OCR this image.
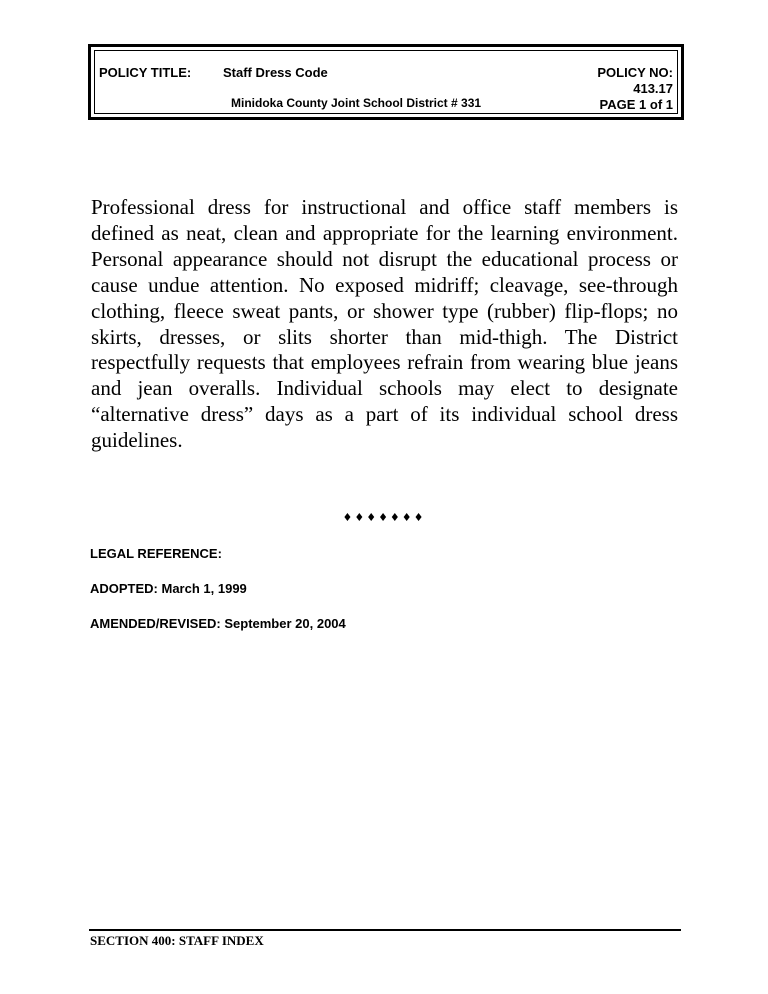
POLICY TITLE: Staff Dress Code
Minidoka County Joint School District # 331
POLICY NO:
413.17
PAGE 1 of 1

Professional dress for instructional and office staff members is defined as neat, clean and appropriate for the learning environment. Personal appearance should not disrupt the educational process or cause undue attention. No exposed midriff; cleavage, see-through clothing, fleece sweat pants, or shower type (rubber) flip-flops; no skirts, dresses, or slits shorter than mid-thigh. The District respectfully requests that employees refrain from wearing blue jeans and jean overalls. Individual schools may elect to designate “alternative dress” days as a part of its individual school dress guidelines.

♦♦♦♦♦♦♦
LEGAL REFERENCE:
ADOPTED: March 1, 1999
AMENDED/REVISED: September 20, 2004
SECTION 400: STAFF INDEX
